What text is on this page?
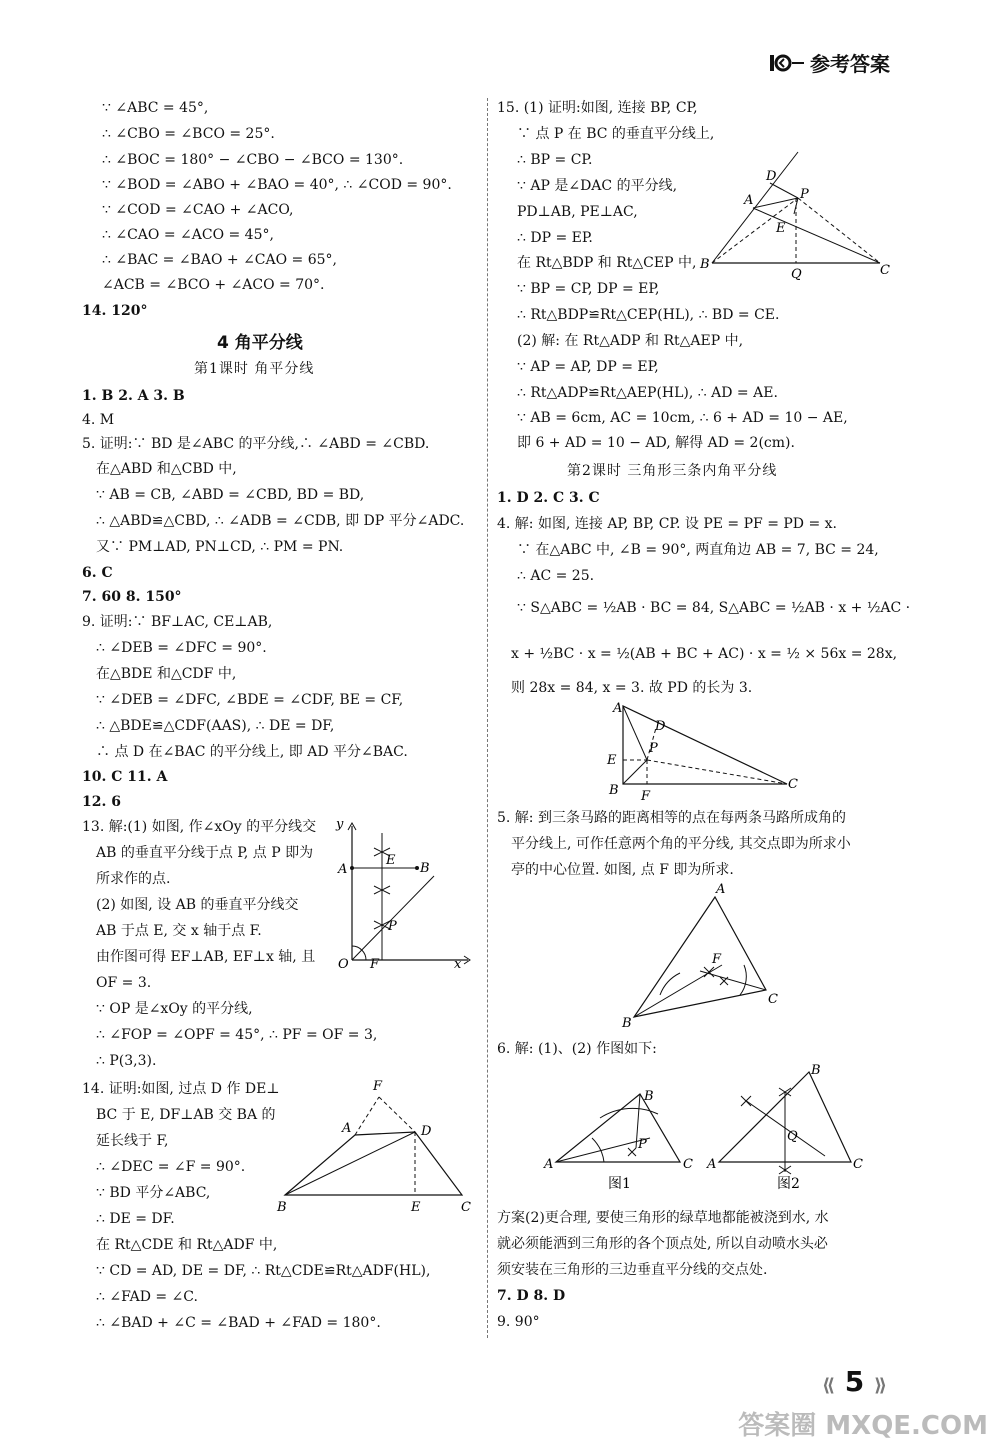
参考答案
∵ ∠ABC = 45°,
∴ ∠CBO = ∠BCO = 25°.
∴ ∠BOC = 180° − ∠CBO − ∠BCO = 130°.
∵ ∠BOD = ∠ABO + ∠BAO = 40°, ∴ ∠COD = 90°.
∵ ∠COD = ∠CAO + ∠ACO,
∴ ∠CAO = ∠ACO = 45°,
∴ ∠BAC = ∠BAO + ∠CAO = 65°,
∠ACB = ∠BCO + ∠ACO = 70°.
14. 120°
4 角平分线
第1课时 角平分线
1. B 2. A 3. B
4. M
5. 证明:∵ BD 是∠ABC 的平分线,∴ ∠ABD = ∠CBD.
在△ABD 和△CBD 中,
∵ AB = CB, ∠ABD = ∠CBD, BD = BD,
∴ △ABD≌△CBD, ∴ ∠ADB = ∠CDB, 即 DP 平分∠ADC.
又∵ PM⊥AD, PN⊥CD, ∴ PM = PN.
6. C
7. 60 8. 150°
9. 证明:∵ BF⊥AC, CE⊥AB,
∴ ∠DEB = ∠DFC = 90°.
在△BDE 和△CDF 中,
∵ ∠DEB = ∠DFC, ∠BDE = ∠CDF, BE = CF,
∴ △BDE≌△CDF(AAS), ∴ DE = DF,
∴ 点 D 在∠BAC 的平分线上, 即 AD 平分∠BAC.
10. C 11. A
12. 6
13. 解:(1) 如图, 作∠xOy 的平分线交
AB 的垂直平分线于点 P, 点 P 即为
所求作的点.
(2) 如图, 设 AB 的垂直平分线交
AB 于点 E, 交 x 轴于点 F.
由作图可得 EF⊥AB, EF⊥x 轴, 且
OF = 3.
∵ OP 是∠xOy 的平分线,
∴ ∠FOP = ∠OPF = 45°, ∴ PF = OF = 3,
∴ P(3,3).
14. 证明:如图, 过点 D 作 DE⊥
BC 于 E, DF⊥AB 交 BA 的
延长线于 F,
∴ ∠DEC = ∠F = 90°.
∵ BD 平分∠ABC,
∴ DE = DF.
在 Rt△CDE 和 Rt△ADF 中,
∵ CD = AD, DE = DF, ∴ Rt△CDE≌Rt△ADF(HL),
∴ ∠FAD = ∠C.
∴ ∠BAD + ∠C = ∠BAD + ∠FAD = 180°.
y
A
E
B
P
O F	x
F
A	D
B	E	C
15. (1) 证明:如图, 连接 BP, CP,
∵ 点 P 在 BC 的垂直平分线上,
∴ BP = CP.
∵ AP 是∠DAC 的平分线,
PD⊥AB, PE⊥AC,
∴ DP = EP.
在 Rt△BDP 和 Rt△CEP 中,
∵ BP = CP, DP = EP,
∴ Rt△BDP≌Rt△CEP(HL), ∴ BD = CE.
(2) 解: 在 Rt△ADP 和 Rt△AEP 中,
∵ AP = AP, DP = EP,
∴ Rt△ADP≌Rt△AEP(HL), ∴ AD = AE.
∵ AB = 6cm, AC = 10cm, ∴ 6 + AD = 10 − AE,
即 6 + AD = 10 − AD, 解得 AD = 2(cm).
第2课时 三角形三条内角平分线
1. D 2. C 3. C
4. 解: 如图, 连接 AP, BP, CP. 设 PE = PF = PD = x.
∵ 在△ABC 中, ∠B = 90°, 两直角边 AB = 7, BC = 24,
∴ AC = 25.
∵ S△ABC = ½AB · BC = 84, S△ABC = ½AB · x + ½AC ·
x + ½BC · x = ½(AB + BC + AC) · x = ½ × 56x = 28x,
则 28x = 84, x = 3. 故 PD 的长为 3.
5. 解: 到三条马路的距离相等的点在每两条马路所成角的
平分线上, 可作任意两个角的平分线, 其交点即为所求小
亭的中心位置. 如图, 点 F 即为所求.
6. 解: (1)、(2) 作图如下:
方案(2)更合理, 要使三角形的绿草地都能被浇到水, 水
就必须能洒到三角形的各个顶点处, 所以自动喷水头必
须安装在三角形的三边垂直平分线的交点处.
7. D 8. D
9. 90°
D
P
A
E
B
Q	C
A
D
P
E
B F
C
A
F
B
C
B
P
A	C
图1
B
Q
A	C
图2
⟪ 5 ⟫
答案圈 MXQE.COM
